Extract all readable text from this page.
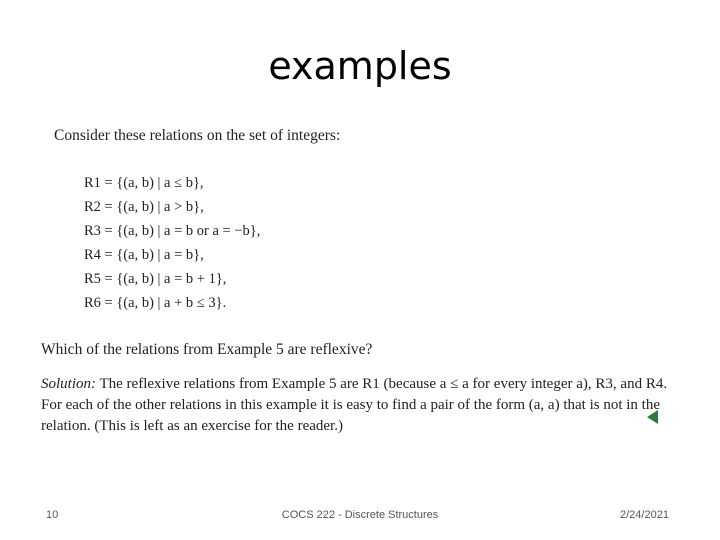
examples
Consider these relations on the set of integers:
R1 = {(a, b) | a ≤ b},
R2 = {(a, b) | a > b},
R3 = {(a, b) | a = b or a = −b},
R4 = {(a, b) | a = b},
R5 = {(a, b) | a = b + 1},
R6 = {(a, b) | a + b ≤ 3}.
Which of the relations from Example 5 are reflexive?
Solution: The reflexive relations from Example 5 are R1 (because a ≤ a for every integer a), R3, and R4. For each of the other relations in this example it is easy to find a pair of the form (a, a) that is not in the relation. (This is left as an exercise for the reader.)
10	COCS 222 - Discrete Structures	2/24/2021
